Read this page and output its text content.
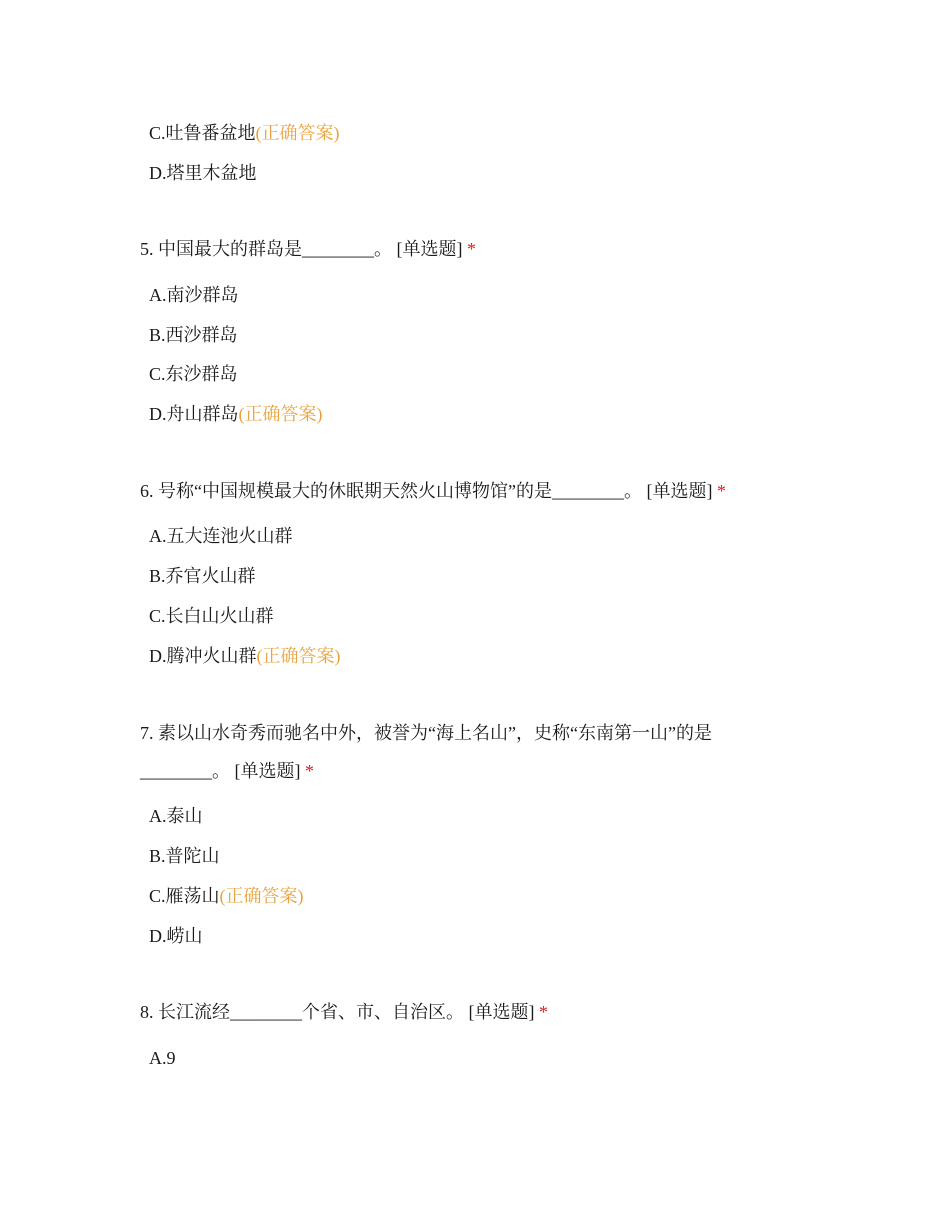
C.吐鲁番盆地(正确答案)
D.塔里木盆地
5. 中国最大的群岛是________。 [单选题] *
A.南沙群岛
B.西沙群岛
C.东沙群岛
D.舟山群岛(正确答案)
6. 号称“中国规模最大的休眠期天然火山博物馆”的是________。 [单选题] *
A.五大连池火山群
B.乔官火山群
C.长白山火山群
D.腾冲火山群(正确答案)
7. 素以山水奇秀而驰名中外，被誉为“海上名山”，史称“东南第一山”的是
________。 [单选题] *
A.泰山
B.普陀山
C.雁荡山(正确答案)
D.崂山
8. 长江流经________个省、市、自治区。 [单选题] *
A.9
